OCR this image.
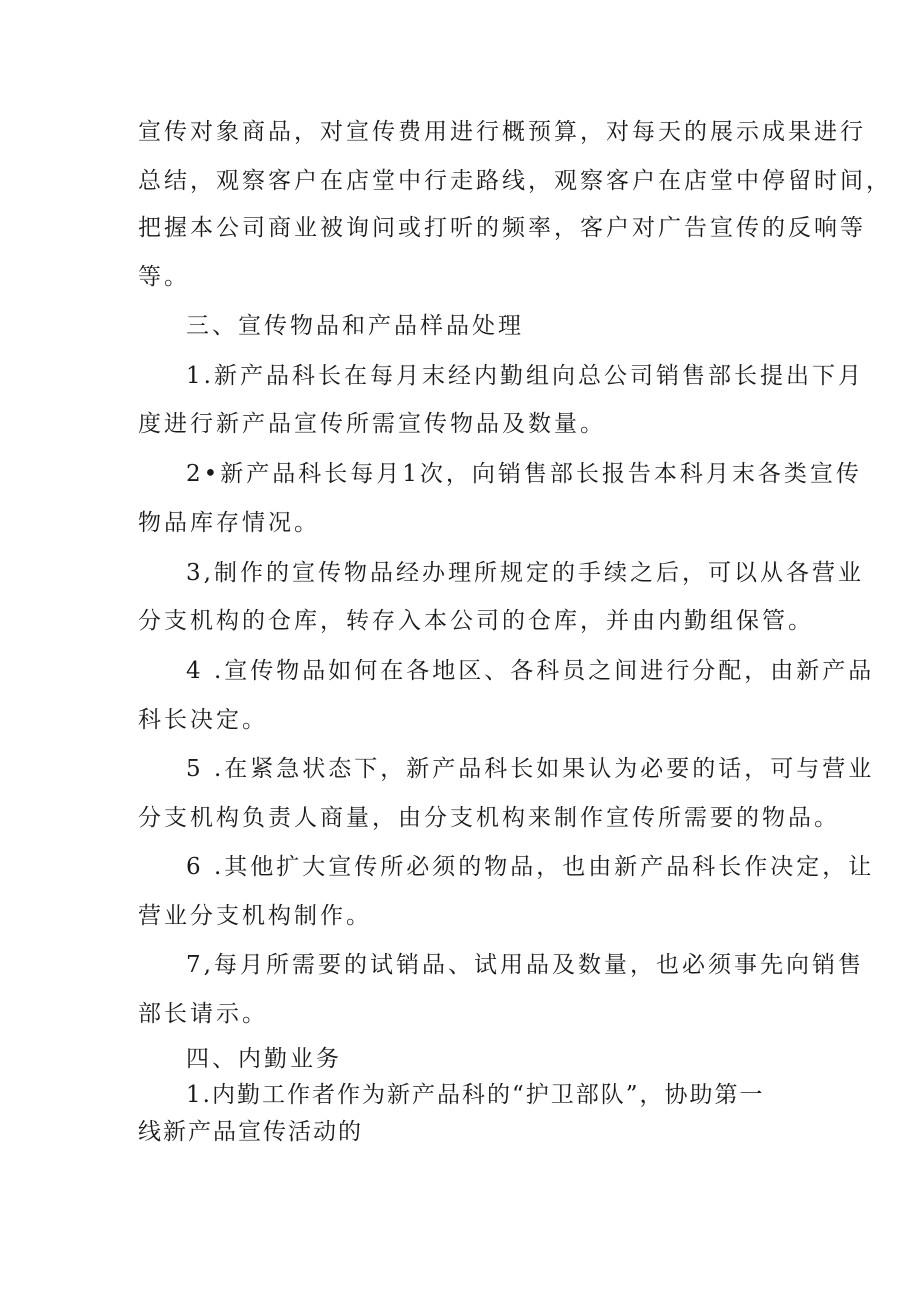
宣传对象商品，对宣传费用进行概预算，对每天的展示成果进行
总结，观察客户在店堂中行走路线，观察客户在店堂中停留时间，
把握本公司商业被询问或打听的频率，客户对广告宣传的反响等
等。
三、宣传物品和产品样品处理
1.新产品科长在每月末经内勤组向总公司销售部长提出下月
度进行新产品宣传所需宣传物品及数量。
2•新产品科长每月1次，向销售部长报告本科月末各类宣传
物品库存情况。
3,制作的宣传物品经办理所规定的手续之后，可以从各营业
分支机构的仓库，转存入本公司的仓库，并由内勤组保管。
4 .宣传物品如何在各地区、各科员之间进行分配，由新产品
科长决定。
5 .在紧急状态下，新产品科长如果认为必要的话，可与营业
分支机构负责人商量，由分支机构来制作宣传所需要的物品。
6 .其他扩大宣传所必须的物品，也由新产品科长作决定，让
营业分支机构制作。
7,每月所需要的试销品、试用品及数量，也必须事先向销售
部长请示。
四、内勤业务
1.内勤工作者作为新产品科的“护卫部队”，协助第一
线新产品宣传活动的
